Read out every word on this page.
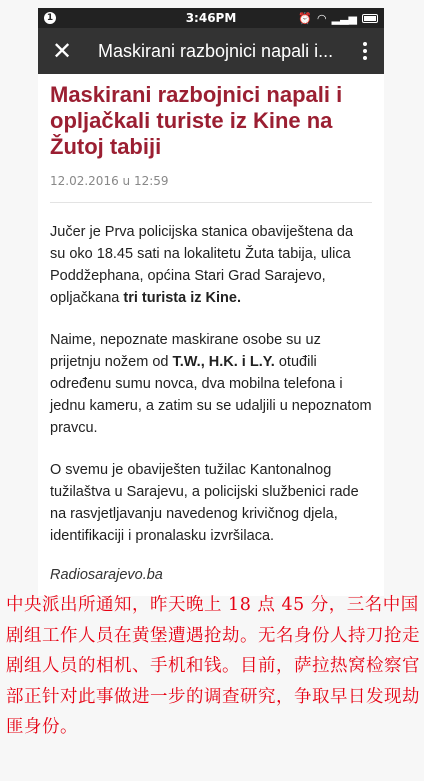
1	3:46PM	⏰ ◠ ▂▃▅
✕ Maskirani razbojnici napali i...
Maskirani razbojnici napali i opljačkali turiste iz Kine na Žutoj tabiji
12.02.2016 u 12:59

Jučer je Prva policijska stanica obaviještena da su oko 18.45 sati na lokalitetu Žuta tabija, ulica Poddžephana, općina Stari Grad Sarajevo, opljačkana tri turista iz Kine.

Naime, nepoznate maskirane osobe su uz prijetnju nožem od T.W., H.K. i L.Y. otuđili određenu sumu novca, dva mobilna telefona i jednu kameru, a zatim su se udaljili u nepoznatom pravcu.

O svemu je obaviješten tužilac Kantonalnog tužilaštva u Sarajevu, a policijski službenici rade na rasvjetljavanju navedenog krivičnog djela, identifikaciji i pronalasku izvršilaca.

Radiosarajevo.ba
中央派出所通知，昨天晚上 18 点 45 分，三名中国剧组工作人员在黄堡遭遇抢劫。无名身份人持刀抢走剧组人员的相机、手机和钱。目前，萨拉热窝检察官部正针对此事做进一步的调查研究，争取早日发现劫匪身份。
